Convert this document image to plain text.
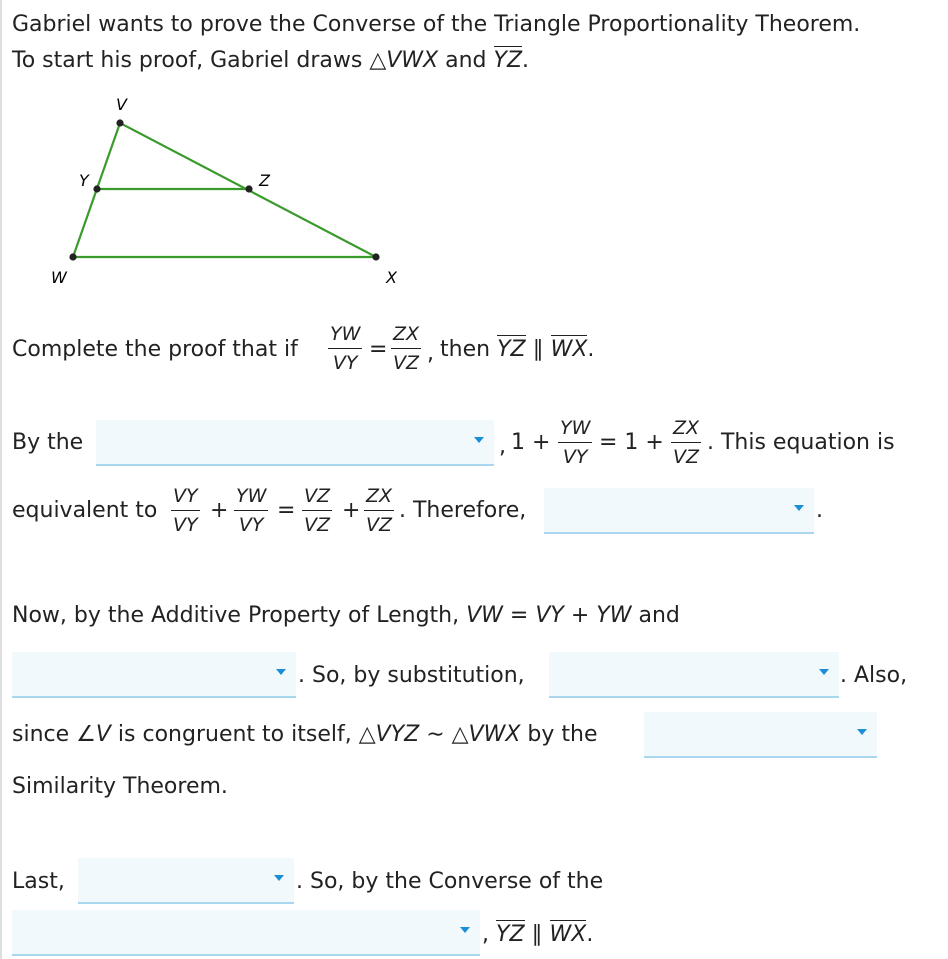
Gabriel wants to prove the Converse of the Triangle Proportionality Theorem.
To start his proof, Gabriel draws △VWX and YZ.
V
Y	Z
W	X
Complete the proof that if $\frac{YW}{VY} = \frac{ZX}{VZ}$ , then YZ ∥ WX.
By the	, $1 + \frac{YW}{VY} = 1 + \frac{ZX}{VZ}$ . This equation is
equivalent to $\frac{VY}{VY} + \frac{YW}{VY} = \frac{VZ}{VZ} + \frac{ZX}{VZ}$ . Therefore,	.
Now, by the Additive Property of Length, VW = VY + YW and
. So, by substitution,	. Also,
since ∠V is congruent to itself, △VYZ ∼ △VWX by the
Similarity Theorem.
Last,	. So, by the Converse of the
, YZ ∥ WX.
